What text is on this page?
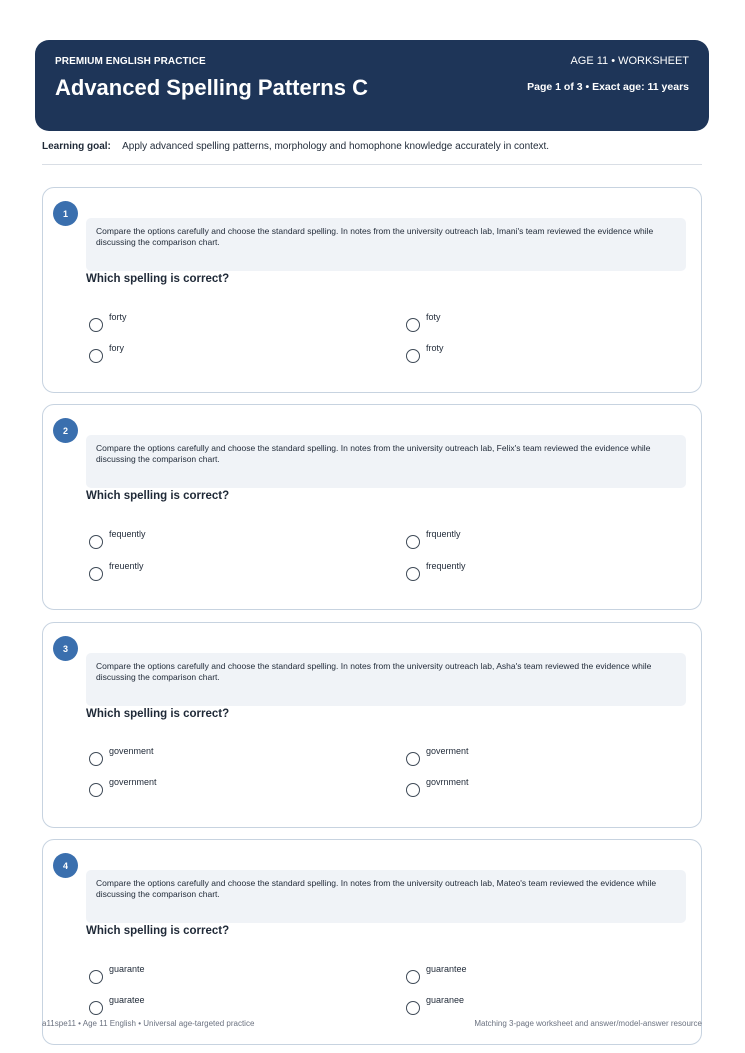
PREMIUM ENGLISH PRACTICE
Advanced Spelling Patterns C
AGE 11 • WORKSHEET
Page 1 of 3 • Exact age: 11 years
Learning goal: Apply advanced spelling patterns, morphology and homophone knowledge accurately in context.
1
Compare the options carefully and choose the standard spelling. In notes from the university outreach lab, Imani's team reviewed the evidence while discussing the comparison chart.
Which spelling is correct?
forty	foty
fory	froty
2
Compare the options carefully and choose the standard spelling. In notes from the university outreach lab, Felix's team reviewed the evidence while discussing the comparison chart.
Which spelling is correct?
fequently	frquently
freuently	frequently
3
Compare the options carefully and choose the standard spelling. In notes from the university outreach lab, Asha's team reviewed the evidence while discussing the comparison chart.
Which spelling is correct?
govenment	goverment
government	govrnment
4
Compare the options carefully and choose the standard spelling. In notes from the university outreach lab, Mateo's team reviewed the evidence while discussing the comparison chart.
Which spelling is correct?
guarante	guarantee
guaratee	guaranee
a11spe11 • Age 11 English • Universal age-targeted practice	Matching 3-page worksheet and answer/model-answer resource
